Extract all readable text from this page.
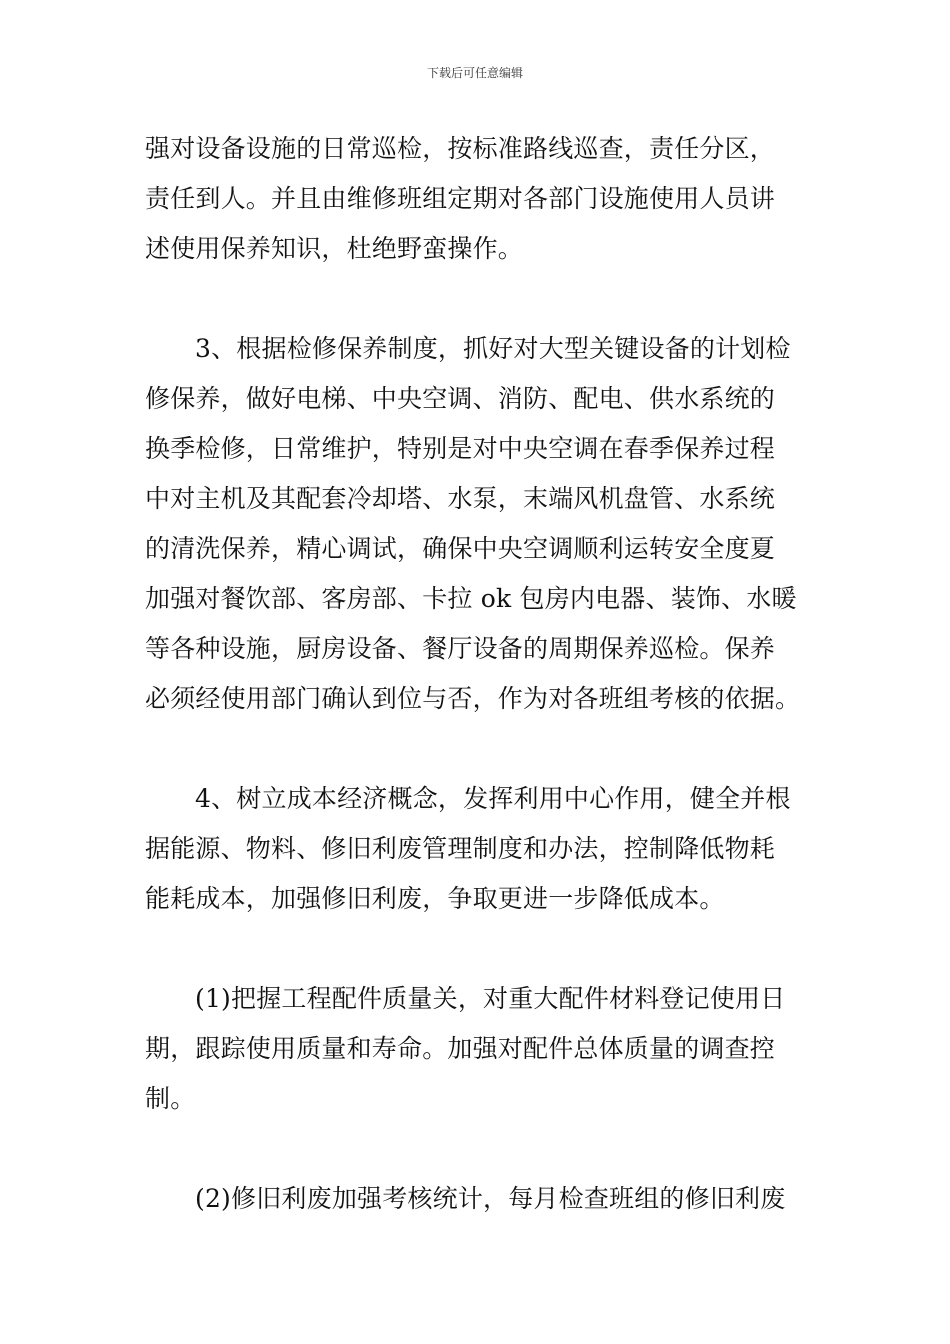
下载后可任意编辑
强对设备设施的日常巡检，按标准路线巡查，责任分区，
责任到人。并且由维修班组定期对各部门设施使用人员讲
述使用保养知识，杜绝野蛮操作。
3、根据检修保养制度，抓好对大型关键设备的计划检
修保养，做好电梯、中央空调、消防、配电、供水系统的
换季检修，日常维护，特别是对中央空调在春季保养过程
中对主机及其配套冷却塔、水泵，末端风机盘管、水系统
的清洗保养，精心调试，确保中央空调顺利运转安全度夏
加强对餐饮部、客房部、卡拉 ok 包房内电器、装饰、水暖
等各种设施，厨房设备、餐厅设备的周期保养巡检。保养
必须经使用部门确认到位与否，作为对各班组考核的依据。
4、树立成本经济概念，发挥利用中心作用，健全并根
据能源、物料、修旧利废管理制度和办法，控制降低物耗
能耗成本，加强修旧利废，争取更进一步降低成本。
(1)把握工程配件质量关，对重大配件材料登记使用日
期，跟踪使用质量和寿命。加强对配件总体质量的调查控
制。
(2)修旧利废加强考核统计，每月检查班组的修旧利废
